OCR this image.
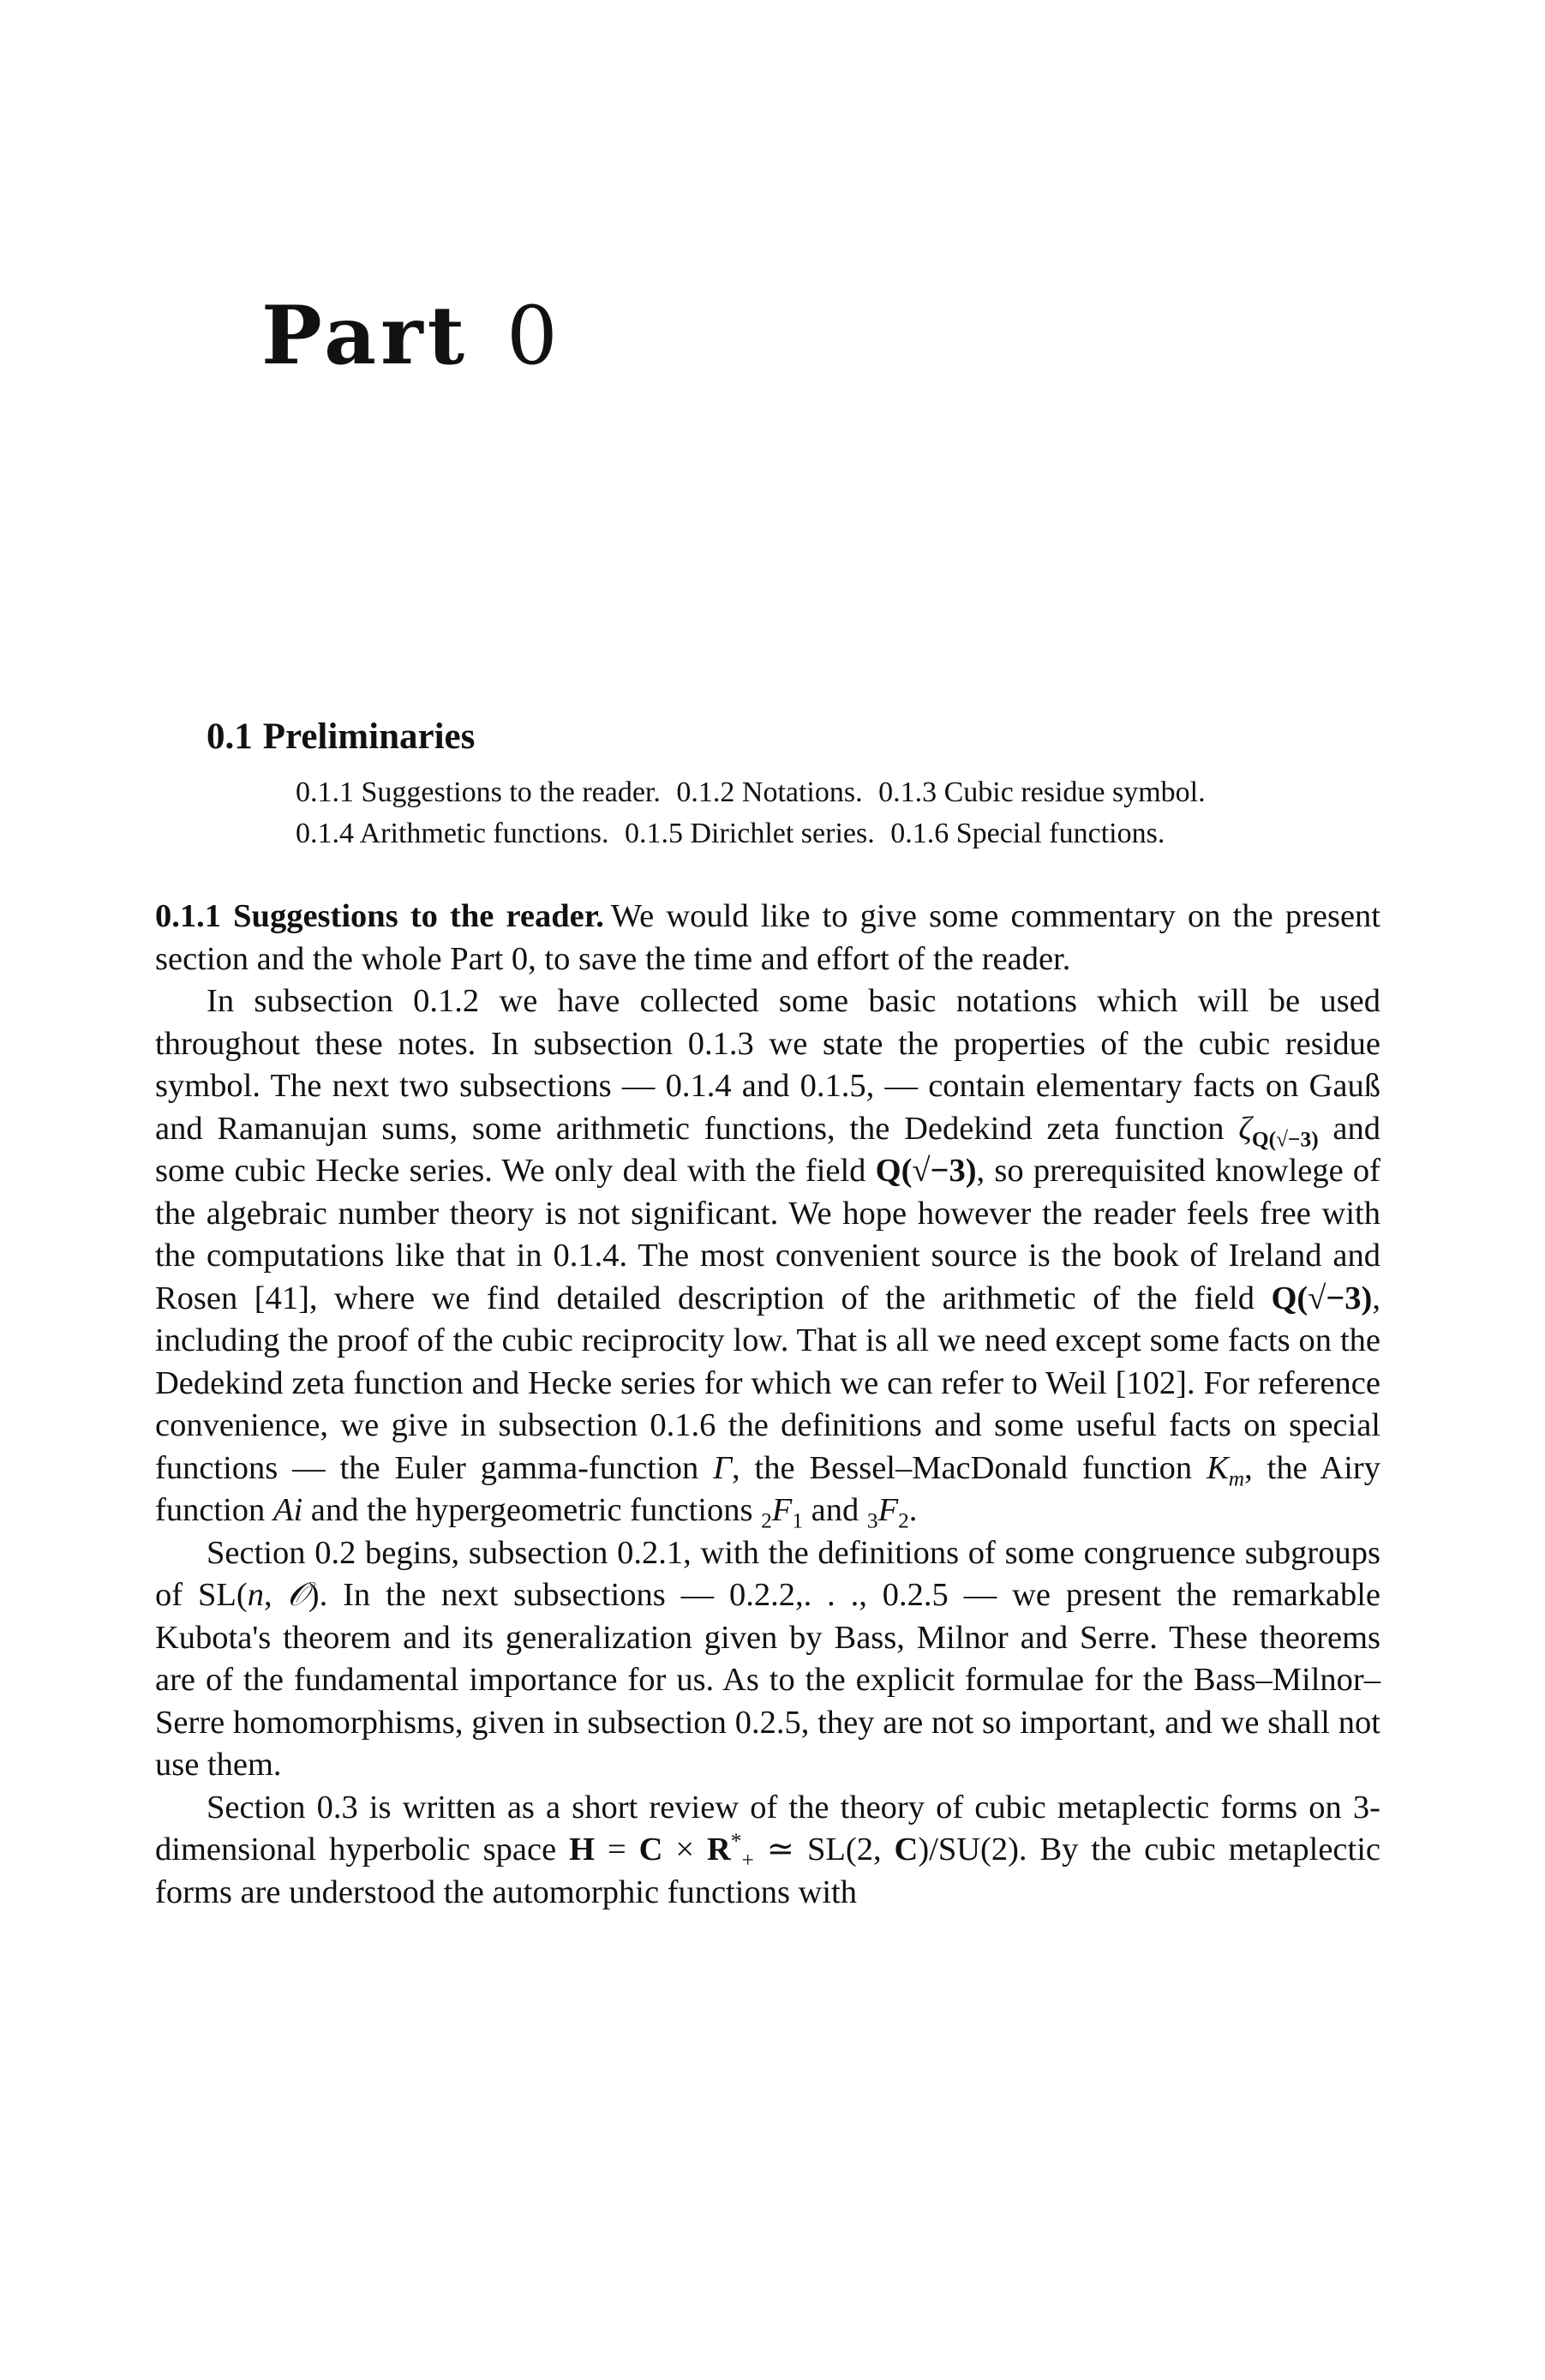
Part 0
0.1 Preliminaries
0.1.1 Suggestions to the reader. 0.1.2 Notations. 0.1.3 Cubic residue symbol.
0.1.4 Arithmetic functions. 0.1.5 Dirichlet series. 0.1.6 Special functions.

0.1.1 Suggestions to the reader. We would like to give some commentary on the present section and the whole Part 0, to save the time and effort of the reader.

In subsection 0.1.2 we have collected some basic notations which will be used throughout these notes. In subsection 0.1.3 we state the properties of the cubic residue symbol. The next two subsections — 0.1.4 and 0.1.5, — contain elementary facts on Gauß and Ramanujan sums, some arithmetic functions, the Dedekind zeta function $\zeta_{Q(√-3)}$ and some cubic Hecke series. We only deal with the field Q(√−3), so prerequisited knowlege of the algebraic number theory is not significant. We hope however the reader feels free with the computations like that in 0.1.4. The most convenient source is the book of Ireland and Rosen [41], where we find detailed description of the arithmetic of the field Q(√−3), including the proof of the cubic reciprocity low. That is all we need except some facts on the Dedekind zeta function and Hecke series for which we can refer to Weil [102]. For reference convenience, we give in subsection 0.1.6 the definitions and some useful facts on special functions — the Euler gamma-function Γ, the Bessel–MacDonald function $K_m$, the Airy function Ai and the hypergeometric functions $_2F_1$ and $_3F_2$.

Section 0.2 begins, subsection 0.2.1, with the definitions of some congruence subgroups of SL(n, 𝒪). In the next subsections — 0.2.2,. . ., 0.2.5 — we present the remarkable Kubota's theorem and its generalization given by Bass, Milnor and Serre. These theorems are of the fundamental importance for us. As to the explicit formulae for the Bass–Milnor–Serre homomorphisms, given in subsection 0.2.5, they are not so important, and we shall not use them.

Section 0.3 is written as a short review of the theory of cubic metaplectic forms on 3-dimensional hyperbolic space $H = C \times R^*_+$ ≃ SL(2, C)/SU(2). By the cubic metaplectic forms are understood the automorphic functions with
